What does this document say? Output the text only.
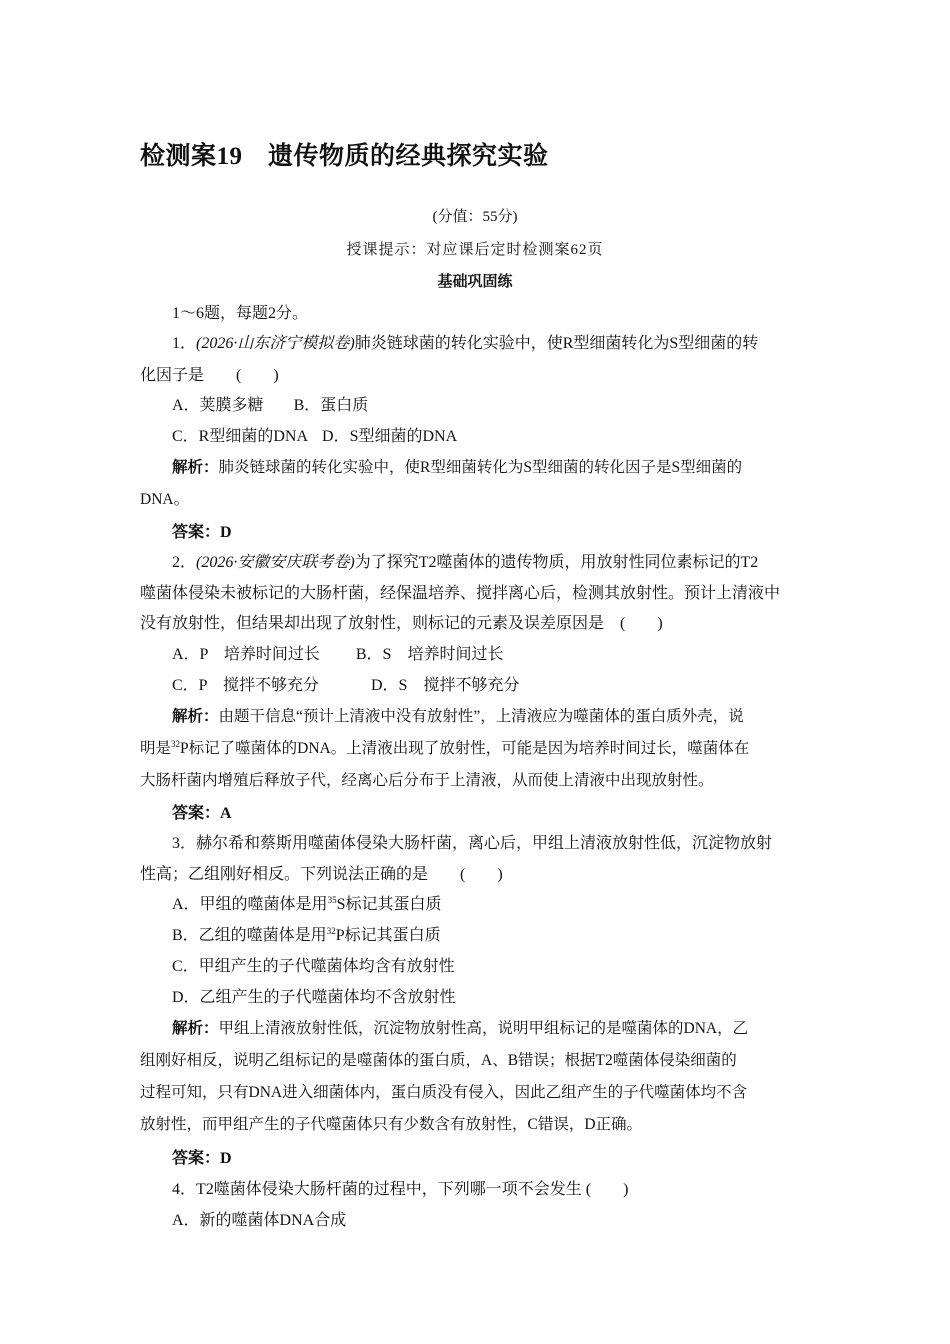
检测案19　遗传物质的经典探究实验
(分值：55分)
授课提示：对应课后定时检测案62页
基础巩固练
1～6题，每题2分。
1．(2026·山东济宁模拟卷)肺炎链球菌的转化实验中，使R型细菌转化为S型细菌的转
化因子是　　(　　)
A．荚膜多糖 B．蛋白质
C．R型细菌的DNA D．S型细菌的DNA
解析：肺炎链球菌的转化实验中，使R型细菌转化为S型细菌的转化因子是S型细菌的
DNA。
答案：D
2．(2026·安徽安庆联考卷)为了探究T2噬菌体的遗传物质，用放射性同位素标记的T2
噬菌体侵染未被标记的大肠杆菌，经保温培养、搅拌离心后，检测其放射性。预计上清液中
没有放射性，但结果却出现了放射性，则标记的元素及误差原因是　(　　)
A．P　培养时间过长 B．S　培养时间过长
C．P　搅拌不够充分	D．S　搅拌不够充分
解析：由题干信息“预计上清液中没有放射性”，上清液应为噬菌体的蛋白质外壳，说
明是$^{32}$P标记了噬菌体的DNA。上清液出现了放射性，可能是因为培养时间过长，噬菌体在
大肠杆菌内增殖后释放子代，经离心后分布于上清液，从而使上清液中出现放射性。
答案：A
3．赫尔希和蔡斯用噬菌体侵染大肠杆菌，离心后，甲组上清液放射性低，沉淀物放射
性高；乙组刚好相反。下列说法正确的是　　(　　)
A．甲组的噬菌体是用$^{35}$S标记其蛋白质
B．乙组的噬菌体是用$^{32}$P标记其蛋白质
C．甲组产生的子代噬菌体均含有放射性
D．乙组产生的子代噬菌体均不含放射性
解析：甲组上清液放射性低，沉淀物放射性高，说明甲组标记的是噬菌体的DNA，乙
组刚好相反，说明乙组标记的是噬菌体的蛋白质，A、B错误；根据T2噬菌体侵染细菌的
过程可知，只有DNA进入细菌体内，蛋白质没有侵入，因此乙组产生的子代噬菌体均不含
放射性，而甲组产生的子代噬菌体只有少数含有放射性，C错误，D正确。
答案：D
4．T2噬菌体侵染大肠杆菌的过程中，下列哪一项不会发生 (　　)
A．新的噬菌体DNA合成
